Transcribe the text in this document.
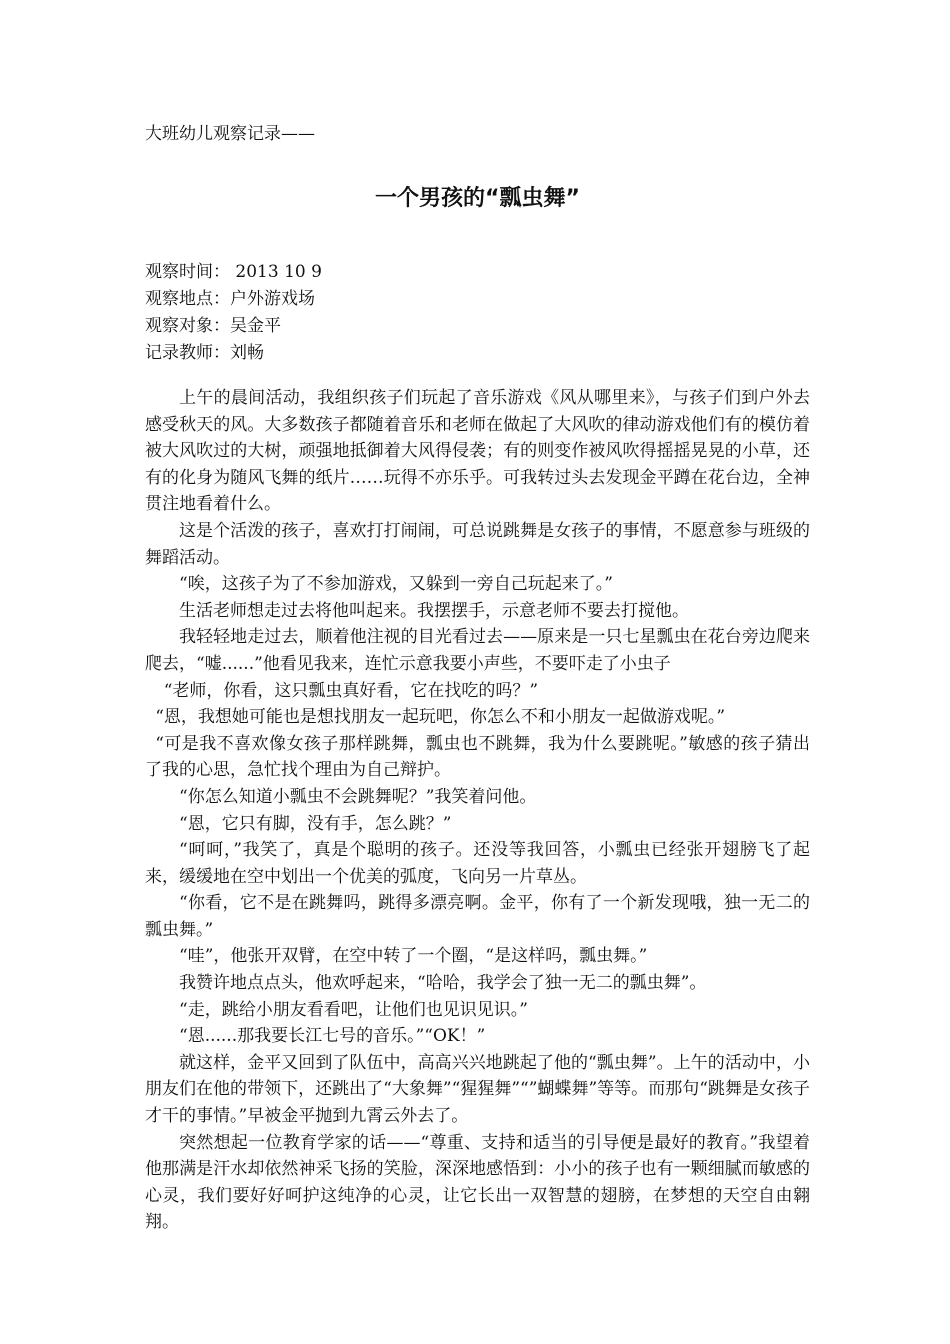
大班幼儿观察记录——
一个男孩的“瓢虫舞”
观察时间： 2013 10 9
观察地点：户外游戏场
观察对象：吴金平
记录教师：刘畅

上午的晨间活动，我组织孩子们玩起了音乐游戏《风从哪里来》，与孩子们到户外去感受秋天的风。大多数孩子都随着音乐和老师在做起了大风吹的律动游戏他们有的模仿着被大风吹过的大树，顽强地抵御着大风得侵袭；有的则变作被风吹得摇摇晃晃的小草，还有的化身为随风飞舞的纸片……玩得不亦乐乎。可我转过头去发现金平蹲在花台边，全神贯注地看着什么。

这是个活泼的孩子，喜欢打打闹闹，可总说跳舞是女孩子的事情，不愿意参与班级的舞蹈活动。

“唉，这孩子为了不参加游戏，又躲到一旁自己玩起来了。”

生活老师想走过去将他叫起来。我摆摆手，示意老师不要去打搅他。

我轻轻地走过去，顺着他注视的目光看过去——原来是一只七星瓢虫在花台旁边爬来爬去，“嘘......”他看见我来，连忙示意我要小声些，不要吓走了小虫子

“老师，你看，这只瓢虫真好看，它在找吃的吗？”

“恩，我想她可能也是想找朋友一起玩吧，你怎么不和小朋友一起做游戏呢。”

“可是我不喜欢像女孩子那样跳舞，瓢虫也不跳舞，我为什么要跳呢。”敏感的孩子猜出了我的心思，急忙找个理由为自己辩护。

“你怎么知道小瓢虫不会跳舞呢？”我笑着问他。

“恩，它只有脚，没有手，怎么跳？”

“呵呵，”我笑了，真是个聪明的孩子。还没等我回答，小瓢虫已经张开翅膀飞了起来，缓缓地在空中划出一个优美的弧度，飞向另一片草丛。

“你看，它不是在跳舞吗，跳得多漂亮啊。金平，你有了一个新发现哦，独一无二的瓢虫舞。”

“哇”，他张开双臂，在空中转了一个圈，“是这样吗，瓢虫舞。”

我赞许地点点头，他欢呼起来，“哈哈，我学会了独一无二的瓢虫舞”。

“走，跳给小朋友看看吧，让他们也见识见识。”

“恩......那我要长江七号的音乐。”“OK！”

就这样，金平又回到了队伍中，高高兴兴地跳起了他的“瓢虫舞”。上午的活动中，小朋友们在他的带领下，还跳出了“大象舞”“猩猩舞”“”蝴蝶舞”等等。而那句“跳舞是女孩子才干的事情。”早被金平抛到九霄云外去了。

突然想起一位教育学家的话——“尊重、支持和适当的引导便是最好的教育。”我望着他那满是汗水却依然神采飞扬的笑脸，深深地感悟到：小小的孩子也有一颗细腻而敏感的心灵，我们要好好呵护这纯净的心灵，让它长出一双智慧的翅膀，在梦想的天空自由翱翔。
